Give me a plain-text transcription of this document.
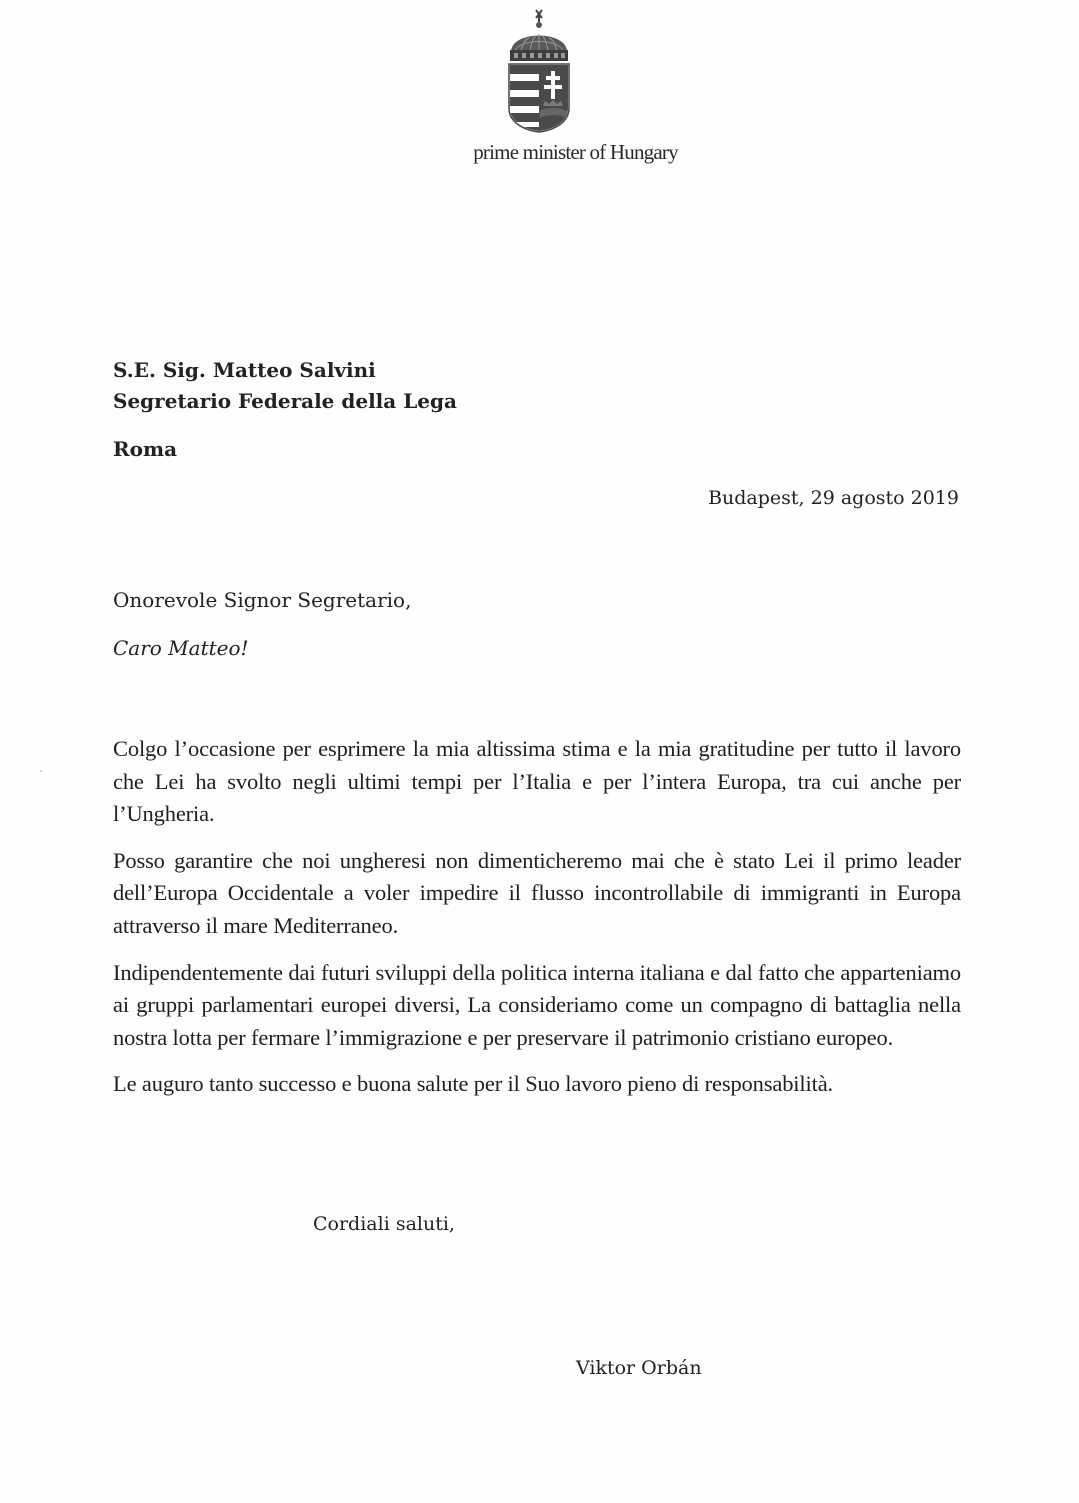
prime minister of Hungary
S.E. Sig. Matteo Salvini
Segretario Federale della Lega
Roma
Budapest, 29 agosto 2019
Onorevole Signor Segretario,
Caro Matteo!

Colgo l’occasione per esprimere la mia altissima stima e la mia gratitudine per tutto il lavoro che Lei ha svolto negli ultimi tempi per l’Italia e per l’intera Europa, tra cui anche per l’Ungheria.

Posso garantire che noi ungheresi non dimenticheremo mai che è stato Lei il primo leader dell’Europa Occidentale a voler impedire il flusso incontrollabile di immigranti in Europa attraverso il mare Mediterraneo.

Indipendentemente dai futuri sviluppi della politica interna italiana e dal fatto che apparteniamo ai gruppi parlamentari europei diversi, La consideriamo come un compagno di battaglia nella nostra lotta per fermare l’immigrazione e per preservare il patrimonio cristiano europeo.

Le auguro tanto successo e buona salute per il Suo lavoro pieno di responsabilità.

Cordiali saluti,
Viktor Orbán
